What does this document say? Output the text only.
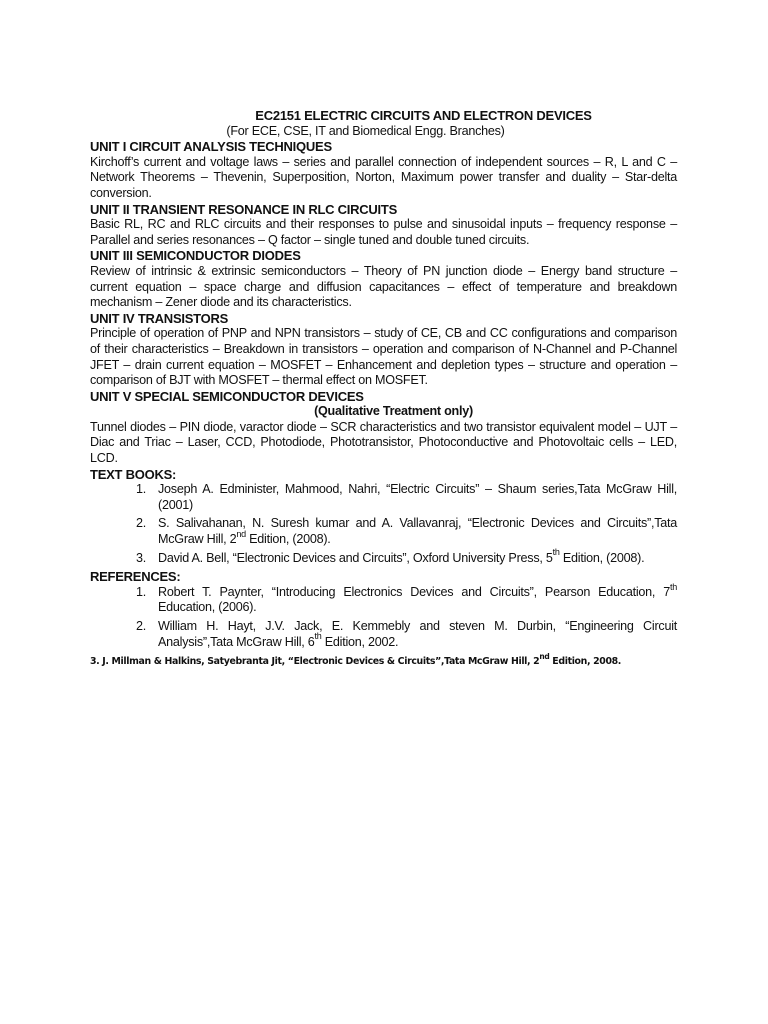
EC2151 ELECTRIC CIRCUITS AND ELECTRON DEVICES
(For ECE, CSE, IT and Biomedical Engg. Branches)
UNIT I CIRCUIT ANALYSIS TECHNIQUES
Kirchoff’s current and voltage laws – series and parallel connection of independent sources – R, L and C – Network Theorems – Thevenin, Superposition, Norton, Maximum power transfer and duality – Star-delta conversion.
UNIT II TRANSIENT RESONANCE IN RLC CIRCUITS
Basic RL, RC and RLC circuits and their responses to pulse and sinusoidal inputs – frequency response – Parallel and series resonances – Q factor – single tuned and double tuned circuits.
UNIT III SEMICONDUCTOR DIODES
Review of intrinsic & extrinsic semiconductors – Theory of PN junction diode – Energy band structure – current equation – space charge and diffusion capacitances – effect of temperature and breakdown mechanism – Zener diode and its characteristics.
UNIT IV TRANSISTORS
Principle of operation of PNP and NPN transistors – study of CE, CB and CC configurations and comparison of their characteristics – Breakdown in transistors – operation and comparison of N-Channel and P-Channel JFET – drain current equation – MOSFET – Enhancement and depletion types – structure and operation – comparison of BJT with MOSFET – thermal effect on MOSFET.
UNIT V SPECIAL SEMICONDUCTOR DEVICES
(Qualitative Treatment only)
Tunnel diodes – PIN diode, varactor diode – SCR characteristics and two transistor equivalent model – UJT – Diac and Triac – Laser, CCD, Photodiode, Phototransistor, Photoconductive and Photovoltaic cells – LED, LCD.
TEXT BOOKS:
1. Joseph A. Edminister, Mahmood, Nahri, “Electric Circuits” – Shaum series,Tata McGraw Hill, (2001)
2. S. Salivahanan, N. Suresh kumar and A. Vallavanraj, “Electronic Devices and Circuits”,Tata McGraw Hill, 2nd Edition, (2008).
3. David A. Bell, “Electronic Devices and Circuits”, Oxford University Press, 5th Edition, (2008).
REFERENCES:
1. Robert T. Paynter, “Introducing Electronics Devices and Circuits”, Pearson Education, 7th Education, (2006).
2. William H. Hayt, J.V. Jack, E. Kemmebly and steven M. Durbin, “Engineering Circuit Analysis”,Tata McGraw Hill, 6th Edition, 2002.
3. J. Millman & Halkins, Satyebranta Jit, “Electronic Devices & Circuits”,Tata McGraw Hill, 2nd Edition, 2008.
